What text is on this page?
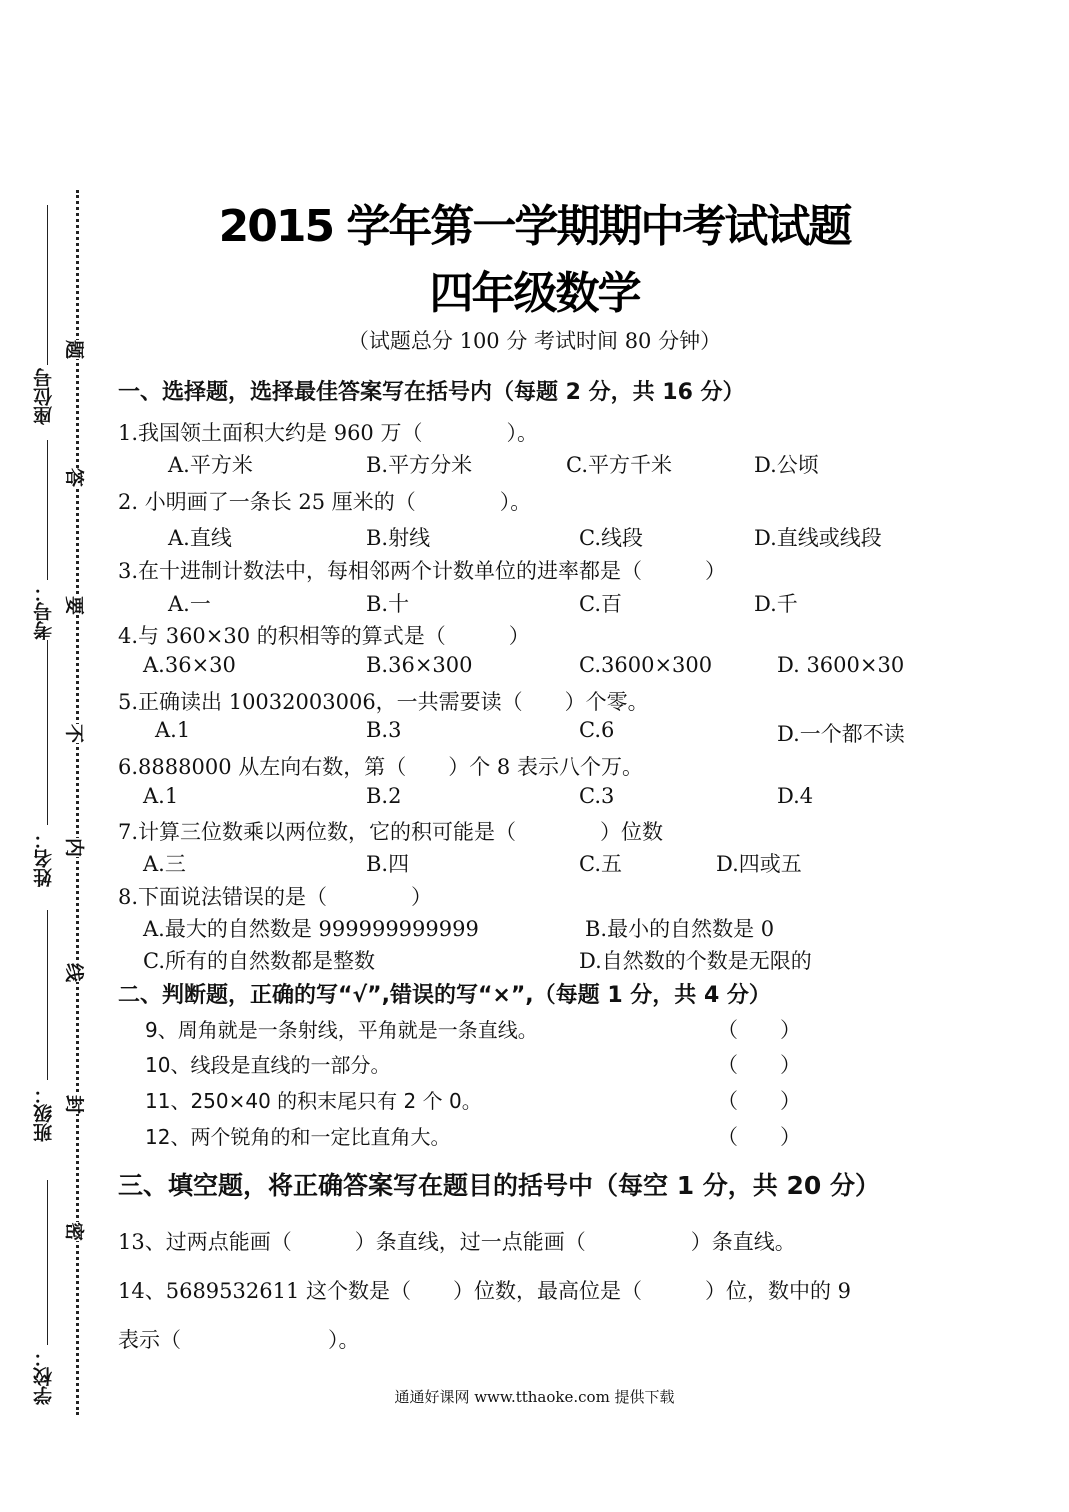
座位号
考号：
姓名：
班级：
学校：
题
答
要
不
内
线
封
密
2015 学年第一学期期中考试试题
四年级数学
（试题总分 100 分 考试时间 80 分钟）
一、选择题，选择最佳答案写在括号内（每题 2 分，共 16 分）
1.我国领土面积大约是 960 万（　　　　）。
A.平方米	B.平方分米	C.平方千米	D.公顷
2. 小明画了一条长 25 厘米的（　　　　）。
A.直线	B.射线	C.线段	D.直线或线段
3.在十进制计数法中，每相邻两个计数单位的进率都是（　　　）
A.一	B.十	C.百	D.千
4.与 360×30 的积相等的算式是（　　　）
A.36×30	B.36×300	C.3600×300	D. 3600×30
5.正确读出 10032003006，一共需要读（　　）个零。
A.1	B.3	C.6	D.一个都不读
6.8888000 从左向右数，第（　　）个 8 表示八个万。
A.1	B.2	C.3	D.4
7.计算三位数乘以两位数，它的积可能是（　　　　）位数
A.三	B.四	C.五	D.四或五
8.下面说法错误的是（　　　　）
A.最大的自然数是 999999999999	B.最小的自然数是 0
C.所有的自然数都是整数	D.自然数的个数是无限的
二、判断题，正确的写“√”,错误的写“×”,（每题 1 分，共 4 分）
9、周角就是一条射线，平角就是一条直线。	（　　）
10、线段是直线的一部分。	（　　）
11、250×40 的积末尾只有 2 个 0。	（　　）
12、两个锐角的和一定比直角大。	（　　）
三、填空题，将正确答案写在题目的括号中（每空 1 分，共 20 分）
13、过两点能画（　　　）条直线，过一点能画（　　　　　）条直线。
14、5689532611 这个数是（　　）位数，最高位是（　　　）位，数中的 9
表示（　　　　　　　）。
通通好课网 www.tthaoke.com 提供下载
